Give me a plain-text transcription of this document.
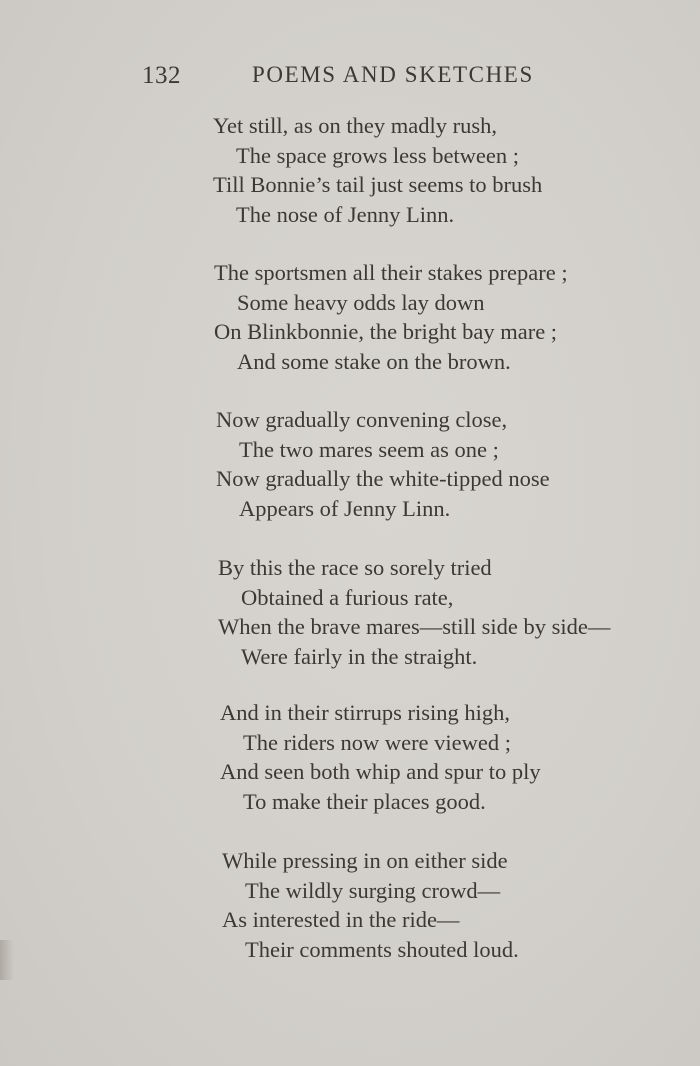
132	POEMS AND SKETCHES
Yet still, as on they madly rush,
The space grows less between ;
Till Bonnie’s tail just seems to brush
The nose of Jenny Linn.
The sportsmen all their stakes prepare ;
Some heavy odds lay down
On Blinkbonnie, the bright bay mare ;
And some stake on the brown.
Now gradually convening close,
The two mares seem as one ;
Now gradually the white-tipped nose
Appears of Jenny Linn.
By this the race so sorely tried
Obtained a furious rate,
When the brave mares—still side by side—
Were fairly in the straight.
And in their stirrups rising high,
The riders now were viewed ;
And seen both whip and spur to ply
To make their places good.
While pressing in on either side
The wildly surging crowd—
As interested in the ride—
Their comments shouted loud.
